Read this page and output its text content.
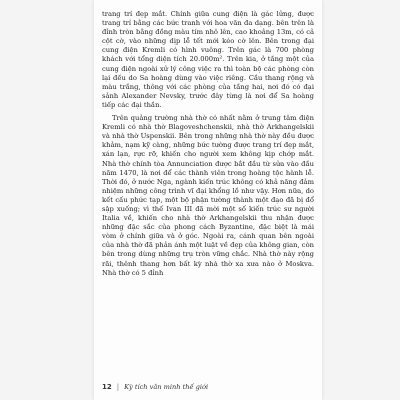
trang trí đẹp mắt. Chính giữa cung điện là gác lửng, được trang trí bằng các bức tranh với hoa văn đa dạng. bên trên là đỉnh tròn bằng đồng màu tím nhô lên, cao khoảng 13m, có cả cột cờ, vào những dịp lễ tết mới kéo cờ lên. Bên trong đại cung điện Kremli có hình vuông. Trên gác là 700 phòng khách với tổng diện tích 20.000m². Trên kia, ở tầng một của cung điện ngoài xử lý công việc ra thì toàn bộ các phòng còn lại đều do Sa hoàng dùng vào việc riêng. Cầu thang rộng và màu trắng, thông với các phòng của tầng hai, nơi đó có đại sảnh Alexander Nevsky, trước đây từng là nơi để Sa hoàng tiếp các đại thần.

Trên quảng trường nhà thờ có nhất nằm ở trung tâm điện Kremli có nhà thờ Blagoveshchenskii, nhà thờ Arkhangelskii và nhà thờ Uspenskii. Bên trong những nhà thờ này đều được khảm, nạm kỹ càng, những bức tường được trang trí đẹp mắt, xán lạn, rực rỡ, khiến cho người xem không kịp chớp mắt. Nhà thờ chính tòa Annunciation được bắt đầu từ sửa vào đầu năm 1470, là nơi để các thành viên trong hoàng tộc hành lễ. Thời đó, ở nước Nga, ngành kiến trúc không có khả năng đảm nhiệm những công trình vĩ đại khổng lồ như vậy. Hơn nữa, do kết cấu phức tạp, một bộ phận tường thành một đạo đã bị đổ sập xuống; vì thế Ivan III đã mời một số kiến trúc sư người Italia về, khiến cho nhà thờ Arkhangelskii thu nhận được những đặc sắc của phong cách Byzantine, đặc biệt là mái vòm ở chính giữa và ở góc. Ngoài ra, cánh quan bên ngoài của nhà thờ đã phản ánh một luật về đẹp của không gian, còn bên trong dùng những trụ tròn vững chắc. Nhà thờ này rộng rãi, thênh thang hơn bất kỳ nhà thờ xa xưa nào ở Moskva. Nhà thờ có 5 đỉnh

12 | Kỳ tích văn minh thế giới
